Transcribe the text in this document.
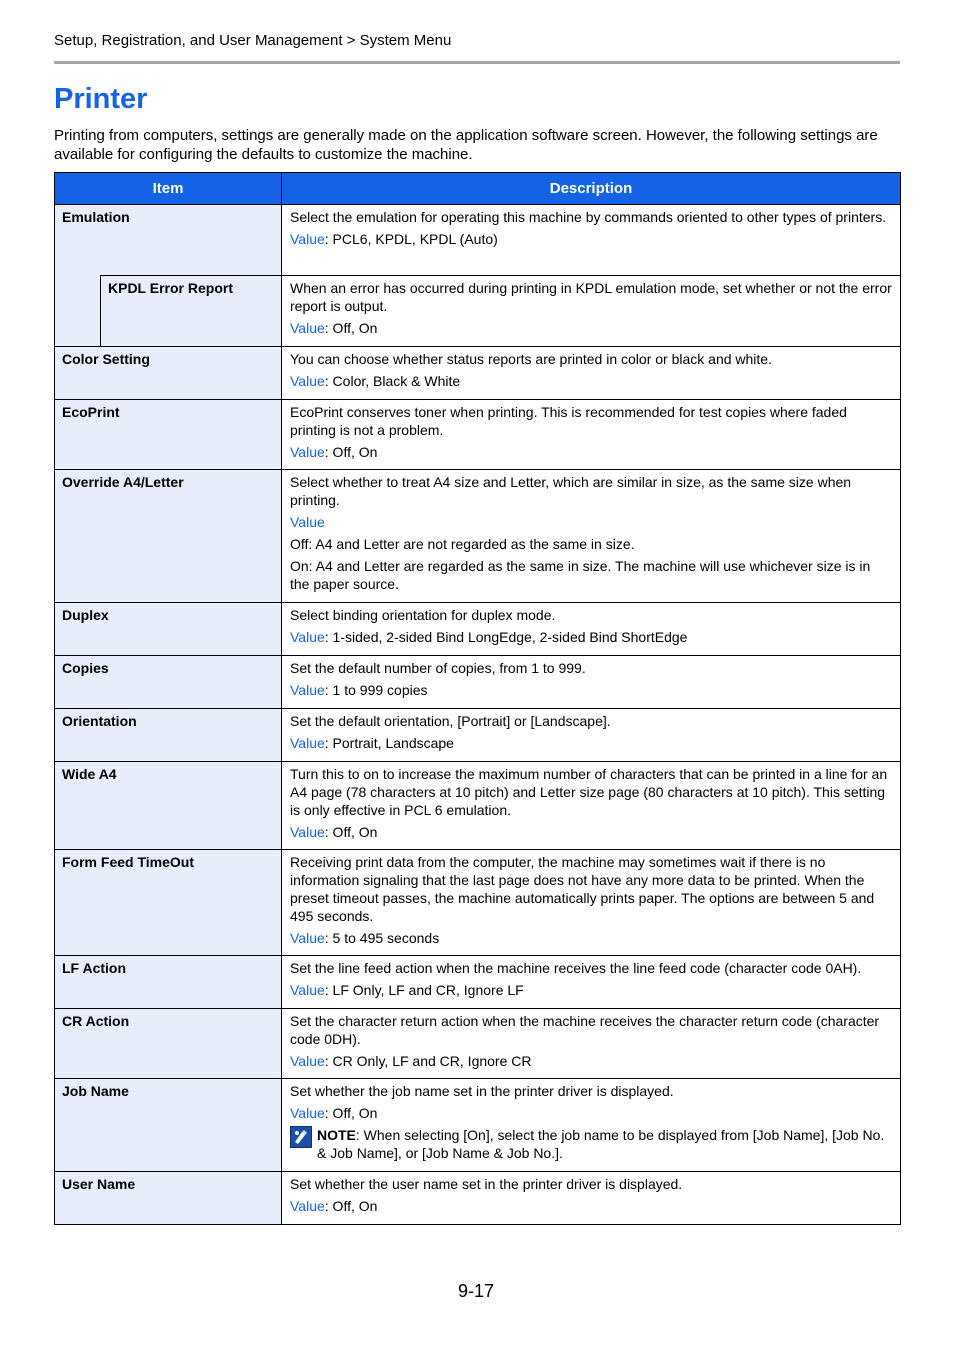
Setup, Registration, and User Management > System Menu
Printer

Printing from computers, settings are generally made on the application software screen. However, the following settings are available for configuring the defaults to customize the machine.

Item		Description
Emulation		Select the emulation for operating this machine by commands oriented to other types of printers.

Value: PCL6, KPDL, KPDL (Auto)

	KPDL Error Report	When an error has occurred during printing in KPDL emulation mode, set whether or not the error report is output.

Value: Off, On

Color Setting		You can choose whether status reports are printed in color or black and white.

Value: Color, Black & White

EcoPrint		EcoPrint conserves toner when printing. This is recommended for test copies where faded printing is not a problem.

Value: Off, On

Override A4/Letter		Select whether to treat A4 size and Letter, which are similar in size, as the same size when printing.

Value

Off: A4 and Letter are not regarded as the same in size.

On: A4 and Letter are regarded as the same in size. The machine will use whichever size is in the paper source.

Duplex		Select binding orientation for duplex mode.

Value: 1-sided, 2-sided Bind LongEdge, 2-sided Bind ShortEdge

Copies		Set the default number of copies, from 1 to 999.

Value: 1 to 999 copies

Orientation		Set the default orientation, [Portrait] or [Landscape].

Value: Portrait, Landscape

Wide A4		Turn this to on to increase the maximum number of characters that can be printed in a line for an A4 page (78 characters at 10 pitch) and Letter size page (80 characters at 10 pitch). This setting is only effective in PCL 6 emulation.

Value: Off, On

Form Feed TimeOut		Receiving print data from the computer, the machine may sometimes wait if there is no information signaling that the last page does not have any more data to be printed. When the preset timeout passes, the machine automatically prints paper. The options are between 5 and 495 seconds.

Value: 5 to 495 seconds

LF Action		Set the line feed action when the machine receives the line feed code (character code 0AH).

Value: LF Only, LF and CR, Ignore LF

CR Action		Set the character return action when the machine receives the character return code (character code 0DH).

Value: CR Only, LF and CR, Ignore CR

Job Name		Set whether the job name set in the printer driver is displayed.

Value: Off, On

NOTE: When selecting [On], select the job name to be displayed from [Job Name], [Job No. & Job Name], or [Job Name & Job No.].

User Name		Set whether the user name set in the printer driver is displayed.

Value: Off, On

9-17
